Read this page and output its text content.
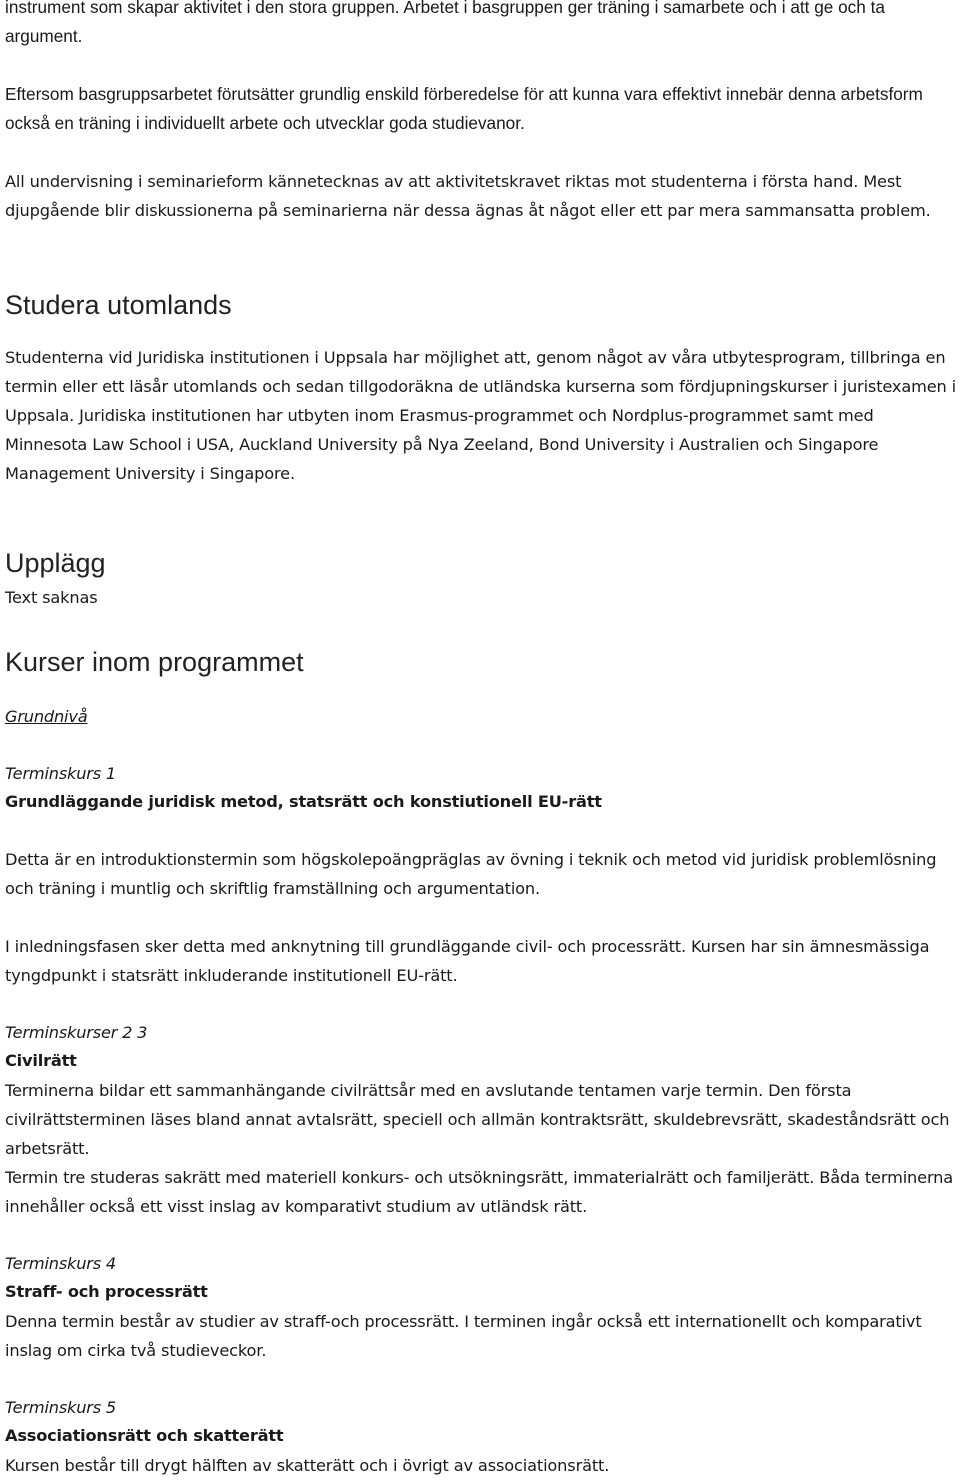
instrument som skapar aktivitet i den stora gruppen. Arbetet i basgruppen ger träning i samarbete och i att ge och ta argument.

Eftersom basgruppsarbetet förutsätter grundlig enskild förberedelse för att kunna vara effektivt innebär denna arbetsform också en träning i individuellt arbete och utvecklar goda studievanor.

All undervisning i seminarieform kännetecknas av att aktivitetskravet riktas mot studenterna i första hand. Mest djupgående blir diskussionerna på seminarierna när dessa ägnas åt något eller ett par mera sammansatta problem.

Studera utomlands

Studenterna vid Juridiska institutionen i Uppsala har möjlighet att, genom något av våra utbytesprogram, tillbringa en termin eller ett läsår utomlands och sedan tillgodoräkna de utländska kurserna som fördjupningskurser i juristexamen i Uppsala. Juridiska institutionen har utbyten inom Erasmus-programmet och Nordplus-programmet samt med Minnesota Law School i USA, Auckland University på Nya Zeeland, Bond University i Australien och Singapore Management University i Singapore.

Upplägg

Text saknas

Kurser inom programmet
Grundnivå
Terminskurs 1
Grundläggande juridisk metod, statsrätt och konstiutionell EU-rätt

Detta är en introduktionstermin som högskolepoängpräglas av övning i teknik och metod vid juridisk problemlösning och träning i muntlig och skriftlig framställning och argumentation.

I inledningsfasen sker detta med anknytning till grundläggande civil- och processrätt. Kursen har sin ämnesmässiga tyngdpunkt i statsrätt inkluderande institutionell EU-rätt.

Terminskurser 2 3
Civilrätt

Terminerna bildar ett sammanhängande civilrättsår med en avslutande tentamen varje termin. Den första civilrättsterminen läses bland annat avtalsrätt, speciell och allmän kontraktsrätt, skuldebrevsrätt, skadeståndsrätt och arbetsrätt.

Termin tre studeras sakrätt med materiell konkurs- och utsökningsrätt, immaterialrätt och familjerätt. Båda terminerna innehåller också ett visst inslag av komparativt studium av utländsk rätt.

Terminskurs 4
Straff- och processrätt

Denna termin består av studier av straff-och processrätt. I terminen ingår också ett internationellt och komparativt inslag om cirka två studieveckor.

Terminskurs 5
Associationsrätt och skatterätt

Kursen består till drygt hälften av skatterätt och i övrigt av associationsrätt.
